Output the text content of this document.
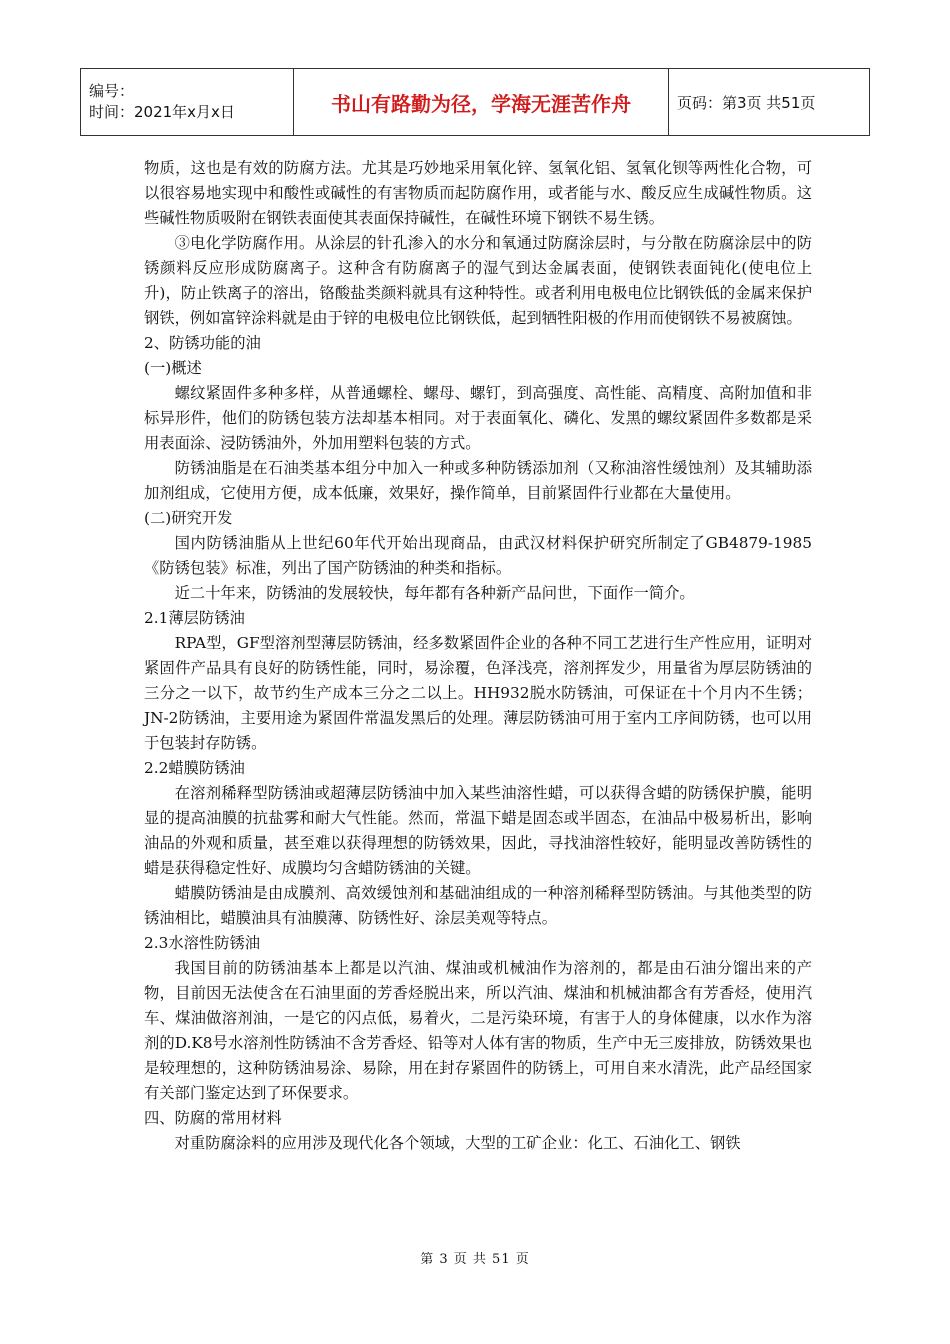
编号：
时间：2021年x月x日	书山有路勤为径，学海无涯苦作舟	页码：第3页 共51页

物质，这也是有效的防腐方法。尤其是巧妙地采用氧化锌、氢氧化铝、氢氧化钡等两性化合物，可以很容易地实现中和酸性或碱性的有害物质而起防腐作用，或者能与水、酸反应生成碱性物质。这些碱性物质吸附在钢铁表面使其表面保持碱性，在碱性环境下钢铁不易生锈。

③电化学防腐作用。从涂层的针孔渗入的水分和氧通过防腐涂层时，与分散在防腐涂层中的防锈颜料反应形成防腐离子。这种含有防腐离子的湿气到达金属表面，使钢铁表面钝化(使电位上升)，防止铁离子的溶出，铬酸盐类颜料就具有这种特性。或者利用电极电位比钢铁低的金属来保护钢铁，例如富锌涂料就是由于锌的电极电位比钢铁低，起到牺牲阳极的作用而使钢铁不易被腐蚀。

2、防锈功能的油

(一)概述

螺纹紧固件多种多样，从普通螺栓、螺母、螺钉，到高强度、高性能、高精度、高附加值和非标异形件，他们的防锈包装方法却基本相同。对于表面氧化、磷化、发黑的螺纹紧固件多数都是采用表面涂、浸防锈油外，外加用塑料包装的方式。

防锈油脂是在石油类基本组分中加入一种或多种防锈添加剂（又称油溶性缓蚀剂）及其辅助添加剂组成，它使用方便，成本低廉，效果好，操作简单，目前紧固件行业都在大量使用。

(二)研究开发

国内防锈油脂从上世纪60年代开始出现商品，由武汉材料保护研究所制定了GB4879-1985《防锈包装》标准，列出了国产防锈油的种类和指标。

近二十年来，防锈油的发展较快，每年都有各种新产品问世，下面作一简介。

2.1薄层防锈油

RPA型，GF型溶剂型薄层防锈油，经多数紧固件企业的各种不同工艺进行生产性应用，证明对紧固件产品具有良好的防锈性能，同时，易涂覆，色泽浅亮，溶剂挥发少，用量省为厚层防锈油的三分之一以下，故节约生产成本三分之二以上。HH932脱水防锈油，可保证在十个月内不生锈；JN-2防锈油，主要用途为紧固件常温发黑后的处理。薄层防锈油可用于室内工序间防锈，也可以用于包装封存防锈。

2.2蜡膜防锈油

在溶剂稀释型防锈油或超薄层防锈油中加入某些油溶性蜡，可以获得含蜡的防锈保护膜，能明显的提高油膜的抗盐雾和耐大气性能。然而，常温下蜡是固态或半固态，在油品中极易析出，影响油品的外观和质量，甚至难以获得理想的防锈效果，因此，寻找油溶性较好，能明显改善防锈性的蜡是获得稳定性好、成膜均匀含蜡防锈油的关键。

蜡膜防锈油是由成膜剂、高效缓蚀剂和基础油组成的一种溶剂稀释型防锈油。与其他类型的防锈油相比，蜡膜油具有油膜薄、防锈性好、涂层美观等特点。

2.3水溶性防锈油

我国目前的防锈油基本上都是以汽油、煤油或机械油作为溶剂的，都是由石油分馏出来的产物，目前因无法使含在石油里面的芳香烃脱出来，所以汽油、煤油和机械油都含有芳香烃，使用汽车、煤油做溶剂油，一是它的闪点低，易着火，二是污染环境，有害于人的身体健康，以水作为溶剂的D.K8号水溶剂性防锈油不含芳香烃、铅等对人体有害的物质，生产中无三废排放，防锈效果也是较理想的，这种防锈油易涂、易除，用在封存紧固件的防锈上，可用自来水清洗，此产品经国家有关部门鉴定达到了环保要求。

四、防腐的常用材料

对重防腐涂料的应用涉及现代化各个领域，大型的工矿企业：化工、石油化工、钢铁

第 3 页 共 51 页
